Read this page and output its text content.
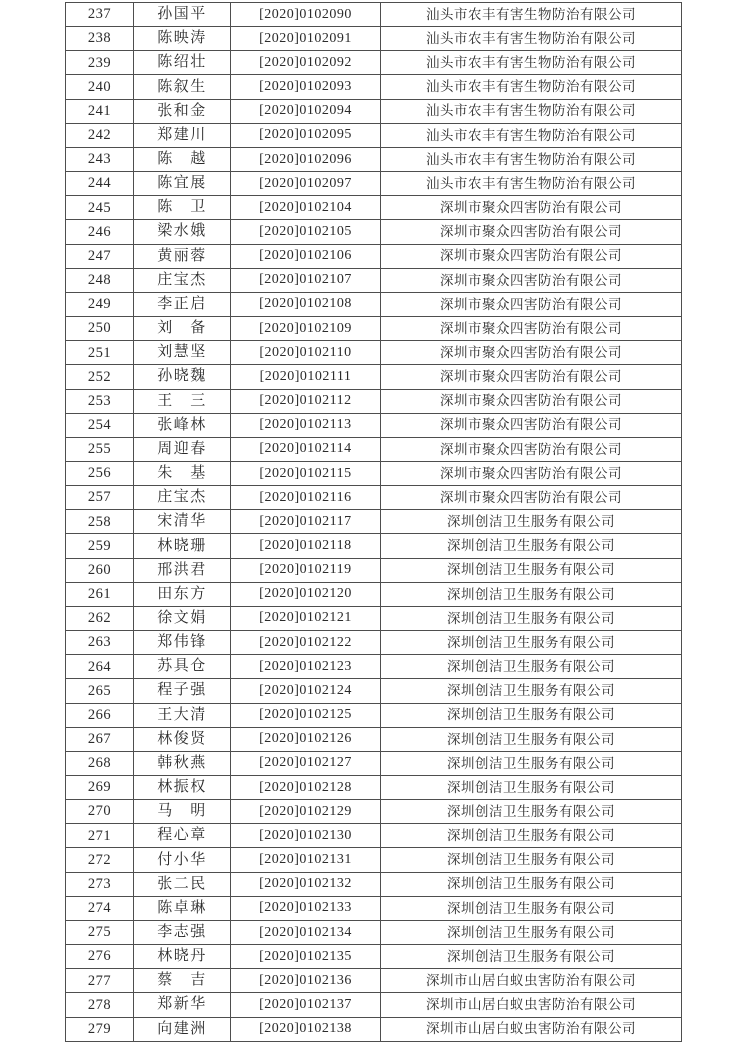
237	孙国平	[2020]0102090	汕头市农丰有害生物防治有限公司
238	陈映涛	[2020]0102091	汕头市农丰有害生物防治有限公司
239	陈绍壮	[2020]0102092	汕头市农丰有害生物防治有限公司
240	陈叙生	[2020]0102093	汕头市农丰有害生物防治有限公司
241	张和金	[2020]0102094	汕头市农丰有害生物防治有限公司
242	郑建川	[2020]0102095	汕头市农丰有害生物防治有限公司
243	陈　越	[2020]0102096	汕头市农丰有害生物防治有限公司
244	陈宜展	[2020]0102097	汕头市农丰有害生物防治有限公司
245	陈　卫	[2020]0102104	深圳市聚众四害防治有限公司
246	梁水娥	[2020]0102105	深圳市聚众四害防治有限公司
247	黄丽蓉	[2020]0102106	深圳市聚众四害防治有限公司
248	庄宝杰	[2020]0102107	深圳市聚众四害防治有限公司
249	李正启	[2020]0102108	深圳市聚众四害防治有限公司
250	刘　备	[2020]0102109	深圳市聚众四害防治有限公司
251	刘慧坚	[2020]0102110	深圳市聚众四害防治有限公司
252	孙晓魏	[2020]0102111	深圳市聚众四害防治有限公司
253	王　三	[2020]0102112	深圳市聚众四害防治有限公司
254	张峰林	[2020]0102113	深圳市聚众四害防治有限公司
255	周迎春	[2020]0102114	深圳市聚众四害防治有限公司
256	朱　基	[2020]0102115	深圳市聚众四害防治有限公司
257	庄宝杰	[2020]0102116	深圳市聚众四害防治有限公司
258	宋清华	[2020]0102117	深圳创洁卫生服务有限公司
259	林晓珊	[2020]0102118	深圳创洁卫生服务有限公司
260	邢洪君	[2020]0102119	深圳创洁卫生服务有限公司
261	田东方	[2020]0102120	深圳创洁卫生服务有限公司
262	徐文娟	[2020]0102121	深圳创洁卫生服务有限公司
263	郑伟锋	[2020]0102122	深圳创洁卫生服务有限公司
264	苏具仓	[2020]0102123	深圳创洁卫生服务有限公司
265	程子强	[2020]0102124	深圳创洁卫生服务有限公司
266	王大清	[2020]0102125	深圳创洁卫生服务有限公司
267	林俊贤	[2020]0102126	深圳创洁卫生服务有限公司
268	韩秋燕	[2020]0102127	深圳创洁卫生服务有限公司
269	林振权	[2020]0102128	深圳创洁卫生服务有限公司
270	马　明	[2020]0102129	深圳创洁卫生服务有限公司
271	程心章	[2020]0102130	深圳创洁卫生服务有限公司
272	付小华	[2020]0102131	深圳创洁卫生服务有限公司
273	张二民	[2020]0102132	深圳创洁卫生服务有限公司
274	陈卓琳	[2020]0102133	深圳创洁卫生服务有限公司
275	李志强	[2020]0102134	深圳创洁卫生服务有限公司
276	林晓丹	[2020]0102135	深圳创洁卫生服务有限公司
277	蔡　吉	[2020]0102136	深圳市山居白蚁虫害防治有限公司
278	郑新华	[2020]0102137	深圳市山居白蚁虫害防治有限公司
279	向建洲	[2020]0102138	深圳市山居白蚁虫害防治有限公司
